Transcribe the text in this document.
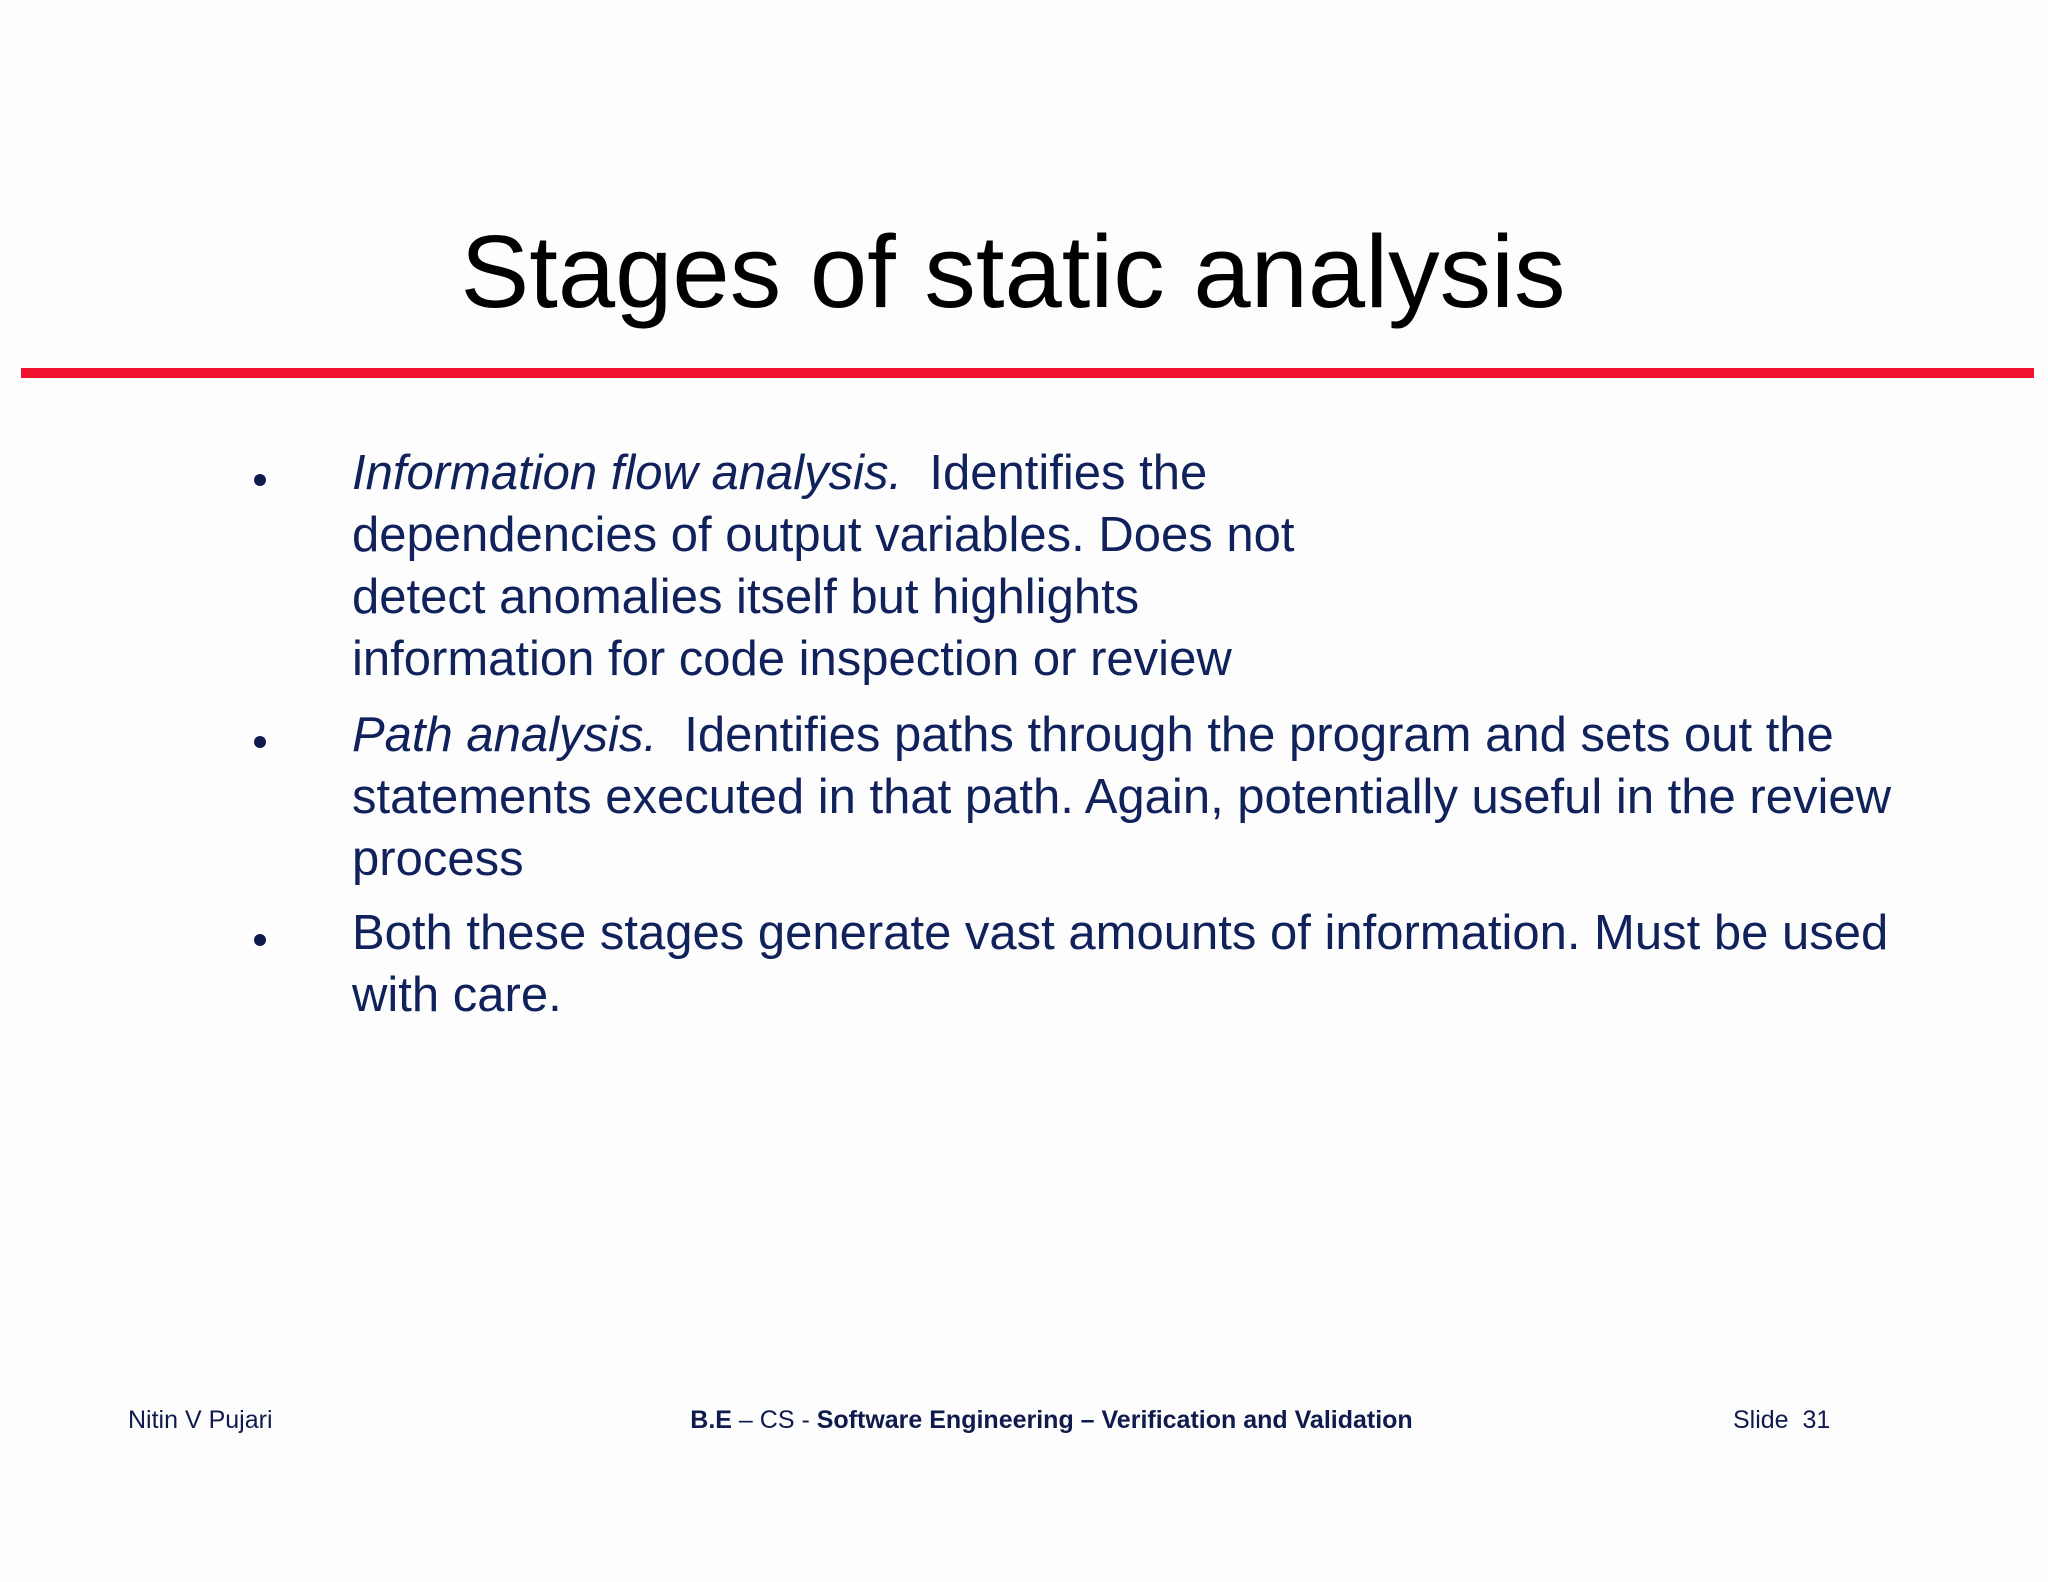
Stages of static analysis

Information flow analysis. Identifies the dependencies of output variables. Does not detect anomalies itself but highlights information for code inspection or review

Path analysis. Identifies paths through the program and sets out the statements executed in that path. Again, potentially useful in the review process

Both these stages generate vast amounts of information. Must be used with care.

Nitin V Pujari	B.E – CS - Software Engineering – Verification and Validation	Slide  31
